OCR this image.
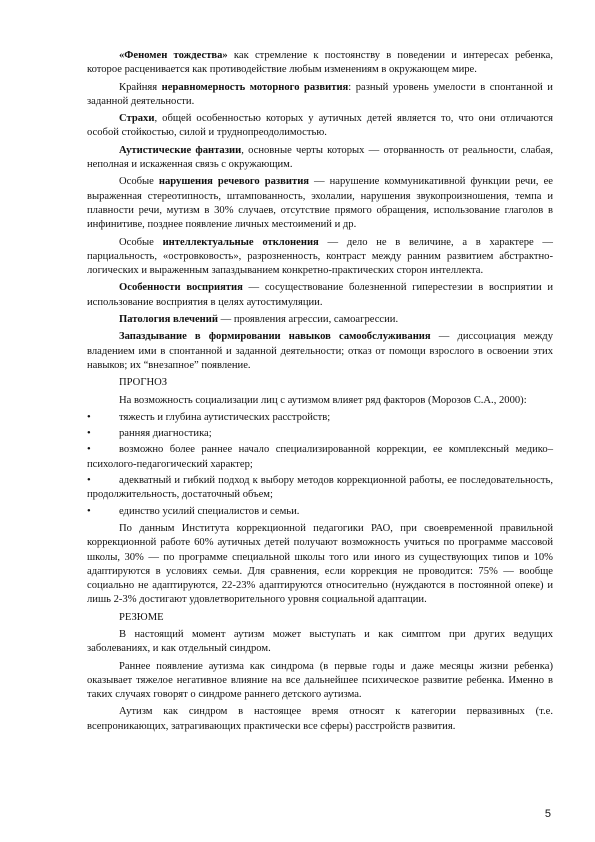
«Феномен тождества» как стремление к постоянству в поведении и интересах ребенка, которое расценивается как противодействие любым изменениям в окружающем мире.

Крайняя неравномерность моторного развития: разный уровень умелости в спонтанной и заданной деятельности.

Страхи, общей особенностью которых у аутичных детей является то, что они отличаются особой стойкостью, силой и труднопреодолимостью.

Аутистические фантазии, основные черты которых — оторванность от реальности, слабая, неполная и искаженная связь с окружающим.

Особые нарушения речевого развития — нарушение коммуникативной функции речи, ее выраженная стереотипность, штампованность, эхолалии, нарушения звукопроизношения, темпа и плавности речи, мутизм в 30% случаев, отсутствие прямого обращения, использование глаголов в инфинитиве, позднее появление личных местоимений и др.

Особые интеллектуальные отклонения — дело не в величине, а в характере — парциальность, «островковость», разрозненность, контраст между ранним развитием абстрактно-логических и выраженным запаздыванием конкретно-практических сторон интеллекта.

Особенности восприятия — сосуществование болезненной гиперестезии в восприятии и использование восприятия в целях аутостимуляции.

Патология влечений — проявления агрессии, самоагрессии.

Запаздывание в формировании навыков самообслуживания — диссоциация между владением ими в спонтанной и заданной деятельности; отказ от помощи взрослого в освоении этих навыков; их “внезапное” появление.

ПРОГНОЗ

На возможность социализации лиц с аутизмом влияет ряд факторов (Морозов С.А., 2000):

•	тяжесть и глубина аутистических расстройств;
•	ранняя диагностика;
•	возможно более раннее начало специализированной коррекции, ее комплексный медико–психолого-педагогический характер;
•	адекватный и гибкий подход к выбору методов коррекционной работы, ее последовательность, продолжительность, достаточный объем;
•	единство усилий специалистов и семьи.

По данным Института коррекционной педагогики РАО, при своевременной правильной коррекционной работе 60% аутичных детей получают возможность учиться по программе массовой школы, 30% — по программе специальной школы того или иного из существующих типов и 10% адаптируются в условиях семьи. Для сравнения, если коррекция не проводится: 75% — вообще социально не адаптируются, 22-23% адаптируются относительно (нуждаются в постоянной опеке) и лишь 2-3% достигают удовлетворительного уровня социальной адаптации.

РЕЗЮМЕ

В настоящий момент аутизм может выступать и как симптом при других ведущих заболеваниях, и как отдельный синдром.

Раннее появление аутизма как синдрома (в первые годы и даже месяцы жизни ребенка) оказывает тяжелое негативное влияние на все дальнейшее психическое развитие ребенка. Именно в таких случаях говорят о синдроме раннего детского аутизма.

Аутизм как синдром в настоящее время относят к категории первазивных (т.е. всепроникающих, затрагивающих практически все сферы) расстройств развития.

5
